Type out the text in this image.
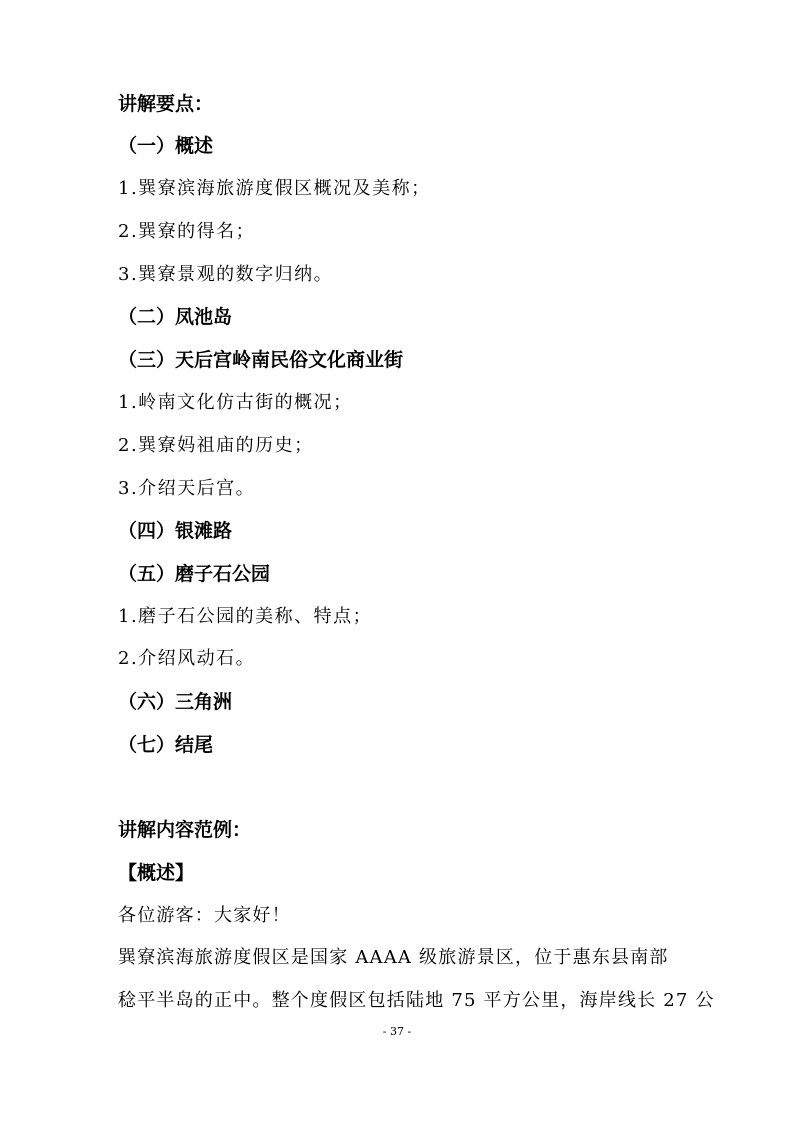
讲解要点：
（一）概述
1.巽寮滨海旅游度假区概况及美称；
2.巽寮的得名；
3.巽寮景观的数字归纳。
（二）凤池岛
（三）天后宫岭南民俗文化商业街
1.岭南文化仿古街的概况；
2.巽寮妈祖庙的历史；
3.介绍天后宫。
（四）银滩路
（五）磨子石公园
1.磨子石公园的美称、特点；
2.介绍风动石。
（六）三角洲
（七）结尾
讲解内容范例：
【概述】
各位游客：大家好！
巽寮滨海旅游度假区是国家 AAAA 级旅游景区，位于惠东县南部
稔平半岛的正中。整个度假区包括陆地 75 平方公里，海岸线长 27 公
- 37 -
